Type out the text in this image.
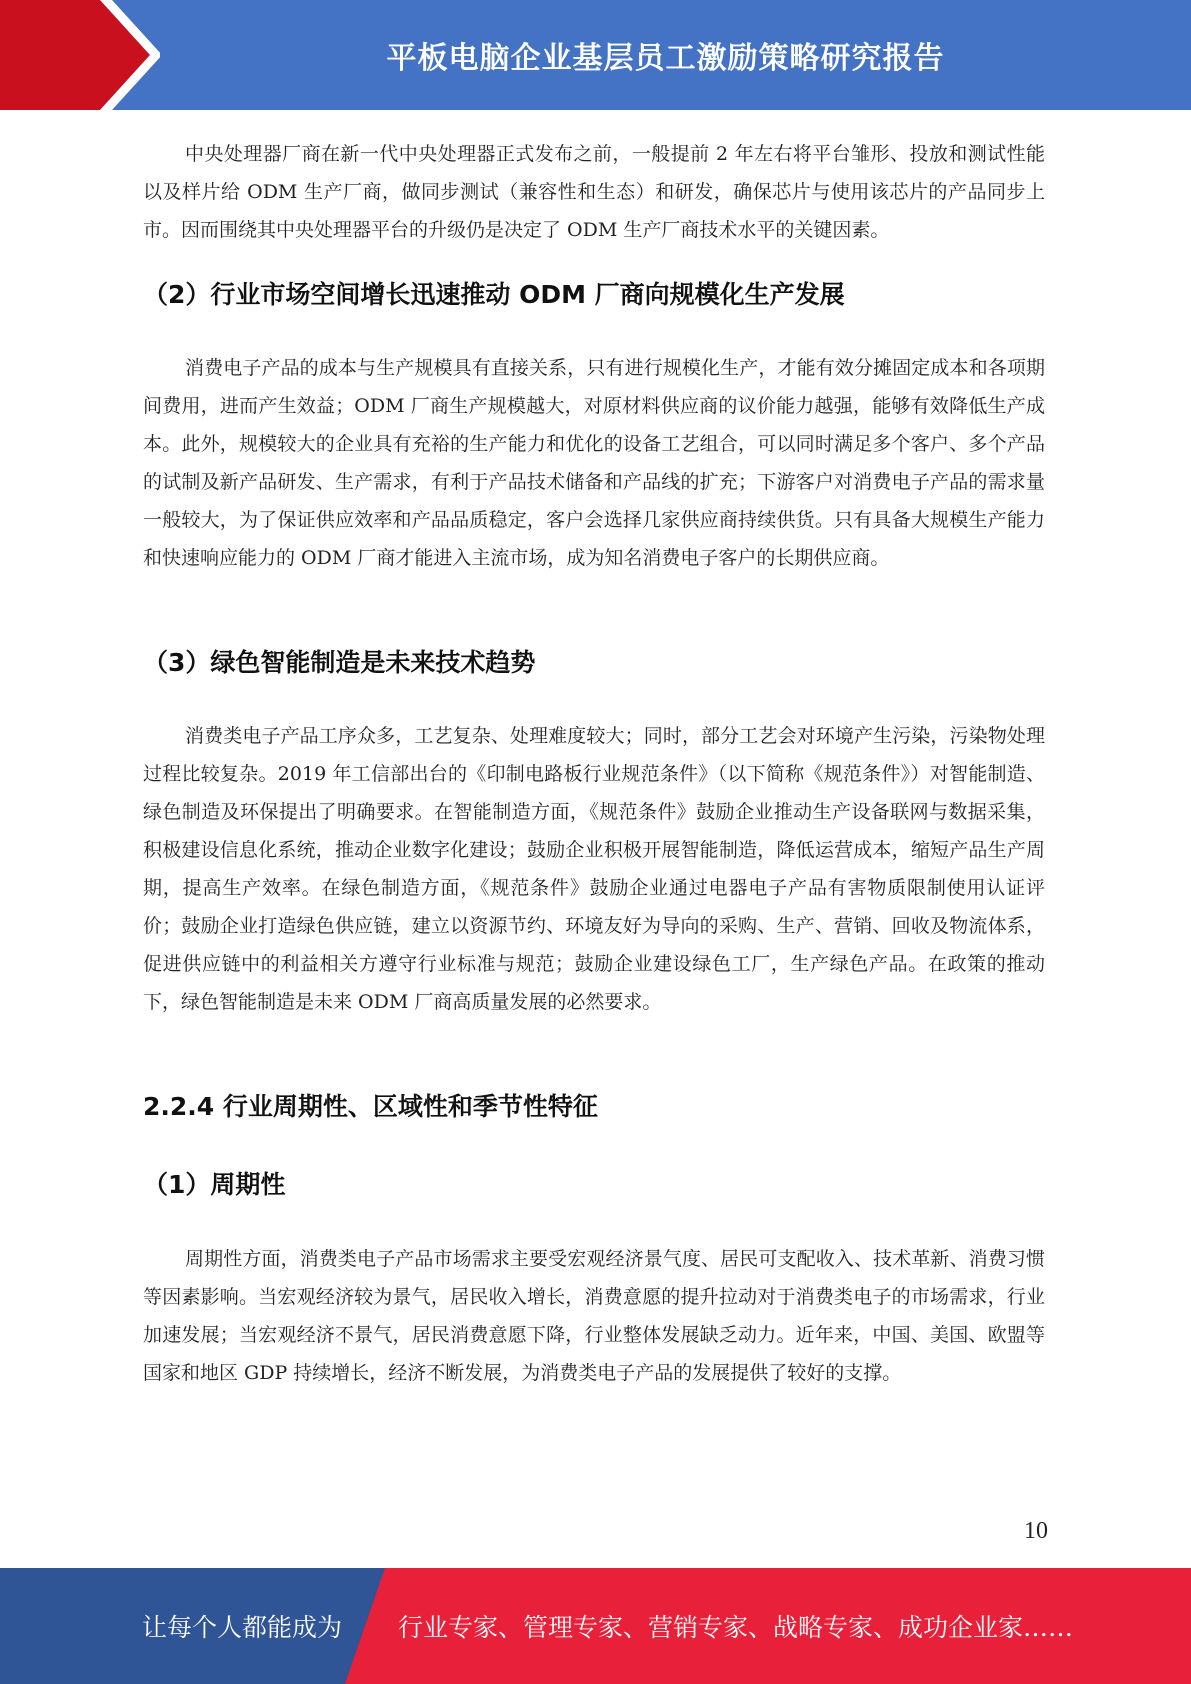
平板电脑企业基层员工激励策略研究报告

中央处理器厂商在新一代中央处理器正式发布之前，一般提前 2 年左右将平台雏形、投放和测试性能以及样片给 ODM 生产厂商，做同步测试（兼容性和生态）和研发，确保芯片与使用该芯片的产品同步上市。因而围绕其中央处理器平台的升级仍是决定了 ODM 生产厂商技术水平的关键因素。

（2）行业市场空间增长迅速推动 ODM 厂商向规模化生产发展

消费电子产品的成本与生产规模具有直接关系，只有进行规模化生产，才能有效分摊固定成本和各项期间费用，进而产生效益；ODM 厂商生产规模越大，对原材料供应商的议价能力越强，能够有效降低生产成本。此外，规模较大的企业具有充裕的生产能力和优化的设备工艺组合，可以同时满足多个客户、多个产品的试制及新产品研发、生产需求，有利于产品技术储备和产品线的扩充；下游客户对消费电子产品的需求量一般较大，为了保证供应效率和产品品质稳定，客户会选择几家供应商持续供货。只有具备大规模生产能力和快速响应能力的 ODM 厂商才能进入主流市场，成为知名消费电子客户的长期供应商。

（3）绿色智能制造是未来技术趋势

消费类电子产品工序众多，工艺复杂、处理难度较大；同时，部分工艺会对环境产生污染，污染物处理过程比较复杂。2019 年工信部出台的《印制电路板行业规范条件》（以下简称《规范条件》）对智能制造、绿色制造及环保提出了明确要求。在智能制造方面，《规范条件》鼓励企业推动生产设备联网与数据采集，积极建设信息化系统，推动企业数字化建设；鼓励企业积极开展智能制造，降低运营成本，缩短产品生产周期，提高生产效率。在绿色制造方面，《规范条件》鼓励企业通过电器电子产品有害物质限制使用认证评价；鼓励企业打造绿色供应链，建立以资源节约、环境友好为导向的采购、生产、营销、回收及物流体系，促进供应链中的利益相关方遵守行业标准与规范；鼓励企业建设绿色工厂，生产绿色产品。在政策的推动下，绿色智能制造是未来 ODM 厂商高质量发展的必然要求。

2.2.4 行业周期性、区域性和季节性特征
（1）周期性

周期性方面，消费类电子产品市场需求主要受宏观经济景气度、居民可支配收入、技术革新、消费习惯等因素影响。当宏观经济较为景气，居民收入增长，消费意愿的提升拉动对于消费类电子的市场需求，行业加速发展；当宏观经济不景气，居民消费意愿下降，行业整体发展缺乏动力。近年来，中国、美国、欧盟等国家和地区 GDP 持续增长，经济不断发展，为消费类电子产品的发展提供了较好的支撑。

10
让每个人都能成为 行业专家、管理专家、营销专家、战略专家、成功企业家……
